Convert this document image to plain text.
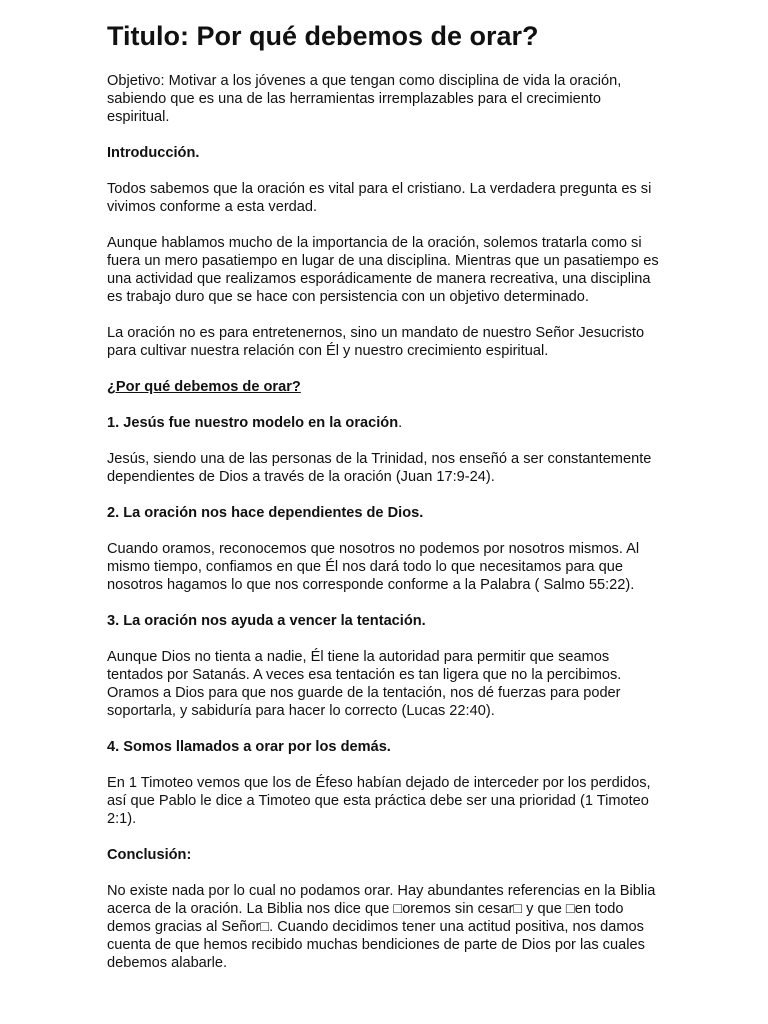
Titulo: Por qué debemos de orar?

Objetivo: Motivar a los jóvenes a que tengan como disciplina de vida la oración, sabiendo que es una de las herramientas irremplazables para el crecimiento espiritual.

Introducción.

Todos sabemos que la oración es vital para el cristiano. La verdadera pregunta es si vivimos conforme a esta verdad.

Aunque hablamos mucho de la importancia de la oración, solemos tratarla como si fuera un mero pasatiempo en lugar de una disciplina. Mientras que un pasatiempo es una actividad que realizamos esporádicamente de manera recreativa, una disciplina es trabajo duro que se hace con persistencia con un objetivo determinado.

La oración no es para entretenernos, sino un mandato de nuestro Señor Jesucristo para cultivar nuestra relación con Él y nuestro crecimiento espiritual.

¿Por qué debemos de orar?

1. Jesús fue nuestro modelo en la oración.

Jesús, siendo una de las personas de la Trinidad, nos enseñó a ser constantemente dependientes de Dios a través de la oración (Juan 17:9-24).

2. La oración nos hace dependientes de Dios.

Cuando oramos, reconocemos que nosotros no podemos por nosotros mismos. Al mismo tiempo, confiamos en que Él nos dará todo lo que necesitamos para que nosotros hagamos lo que nos corresponde conforme a la Palabra ( Salmo 55:22).

3. La oración nos ayuda a vencer la tentación.

Aunque Dios no tienta a nadie, Él tiene la autoridad para permitir que seamos tentados por Satanás. A veces esa tentación es tan ligera que no la percibimos. Oramos a Dios para que nos guarde de la tentación, nos dé fuerzas para poder soportarla, y sabiduría para hacer lo correcto (Lucas 22:40).

4. Somos llamados a orar por los demás.

En 1 Timoteo vemos que los de Éfeso habían dejado de interceder por los perdidos, así que Pablo le dice a Timoteo que esta práctica debe ser una prioridad (1 Timoteo 2:1).

Conclusión:

No existe nada por lo cual no podamos orar. Hay abundantes referencias en la Biblia acerca de la oración. La Biblia nos dice que □oremos sin cesar□ y que □en todo demos gracias al Señor□. Cuando decidimos tener una actitud positiva, nos damos cuenta de que hemos recibido muchas bendiciones de parte de Dios por las cuales debemos alabarle.
